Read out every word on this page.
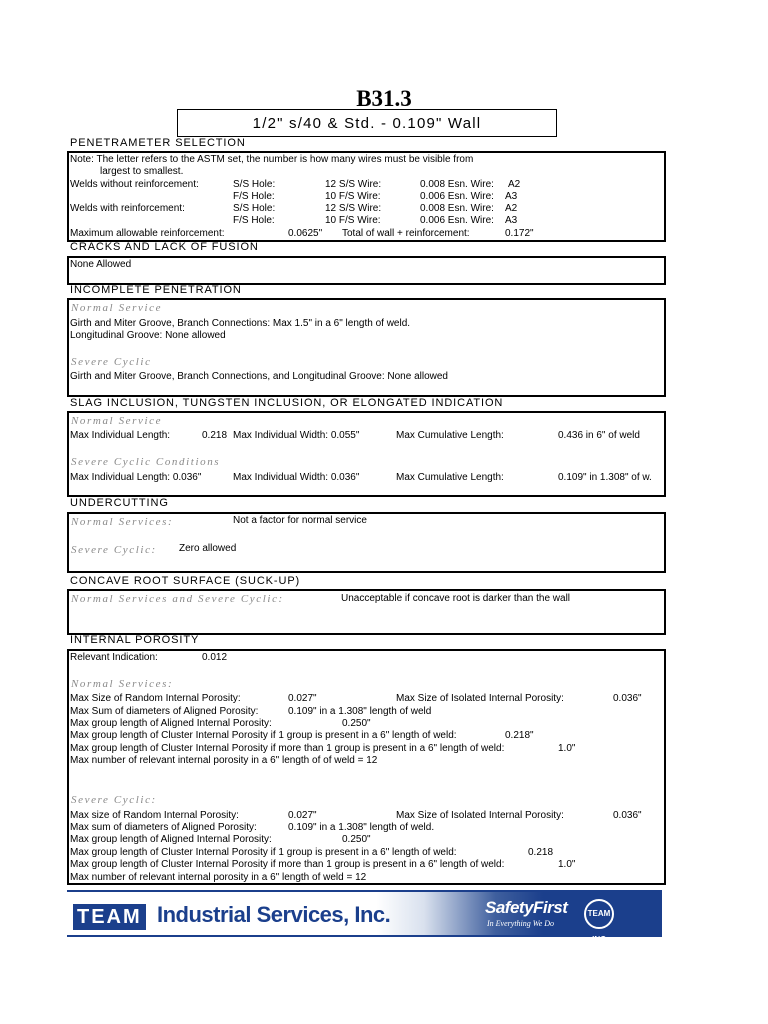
B31.3
1/2" s/40 & Std. - 0.109" Wall
PENETRAMETER SELECTION
Note: The letter refers to the ASTM set, the number is how many wires must be visible from
largest to smallest.
Welds without reinforcement:	S/S Hole:	12 S/S Wire:	0.008 Esn. Wire: A2
F/S Hole:	10 F/S Wire:	0.006 Esn. Wire: A3
Welds with reinforcement:	S/S Hole:	12 S/S Wire:	0.008 Esn. Wire: A2
F/S Hole:	10 F/S Wire:	0.006 Esn. Wire: A3
Maximum allowable reinforcement:	0.0625" Total of wall + reinforcement:	0.172"
CRACKS AND LACK OF FUSION
None Allowed
INCOMPLETE PENETRATION
Normal Service
Girth and Miter Groove, Branch Connections: Max 1.5" in a 6" length of weld.
Longitudinal Groove: None allowed
Severe Cyclic
Girth and Miter Groove, Branch Connections, and Longitudinal Groove: None allowed
SLAG INCLUSION, TUNGSTEN INCLUSION, OR ELONGATED INDICATION
Normal Service
Max Individual Length:	0.218 Max Individual Width: 0.055"	Max Cumulative Length:	0.436 in 6" of weld
Severe Cyclic Conditions
Max Individual Length: 0.036"	Max Individual Width: 0.036"	Max Cumulative Length:	0.109" in 1.308" of w.
UNDERCUTTING
Normal Services:	Not a factor for normal service
Severe Cyclic: Zero allowed
CONCAVE ROOT SURFACE (SUCK-UP)
Normal Services and Severe Cyclic:	Unacceptable if concave root is darker than the wall
INTERNAL POROSITY
Relevant Indication:	0.012
Normal Services:
Max Size of Random Internal Porosity:	0.027"	Max Size of Isolated Internal Porosity:	0.036"
Max Sum of diameters of Aligned Porosity:	0.109" in a 1.308" length of weld
Max group length of Aligned Internal Porosity:	0.250"
Max group length of Cluster Internal Porosity if 1 group is present in a 6" length of weld:	0.218"
Max group length of Cluster Internal Porosity if more than 1 group is present in a 6" length of weld:	1.0"
Max number of relevant internal porosity in a 6" length of of weld = 12
Severe Cyclic:
Max size of Random Internal Porosity:	0.027"	Max Size of Isolated Internal Porosity:	0.036"
Max sum of diameters of Aligned Porosity:	0.109" in a 1.308" length of weld.
Max group length of Aligned Internal Porosity:	0.250"
Max group length of Cluster Internal Porosity if 1 group is present in a 6" length of weld:	0.218
Max group length of Cluster Internal Porosity if more than 1 group is present in a 6" length of weld:	1.0"
Max number of relevant internal porosity in a 6" length of weld = 12
TEAM Industrial Services, Inc.	SafetyFirst
In Everything We Do
TEAM INC
